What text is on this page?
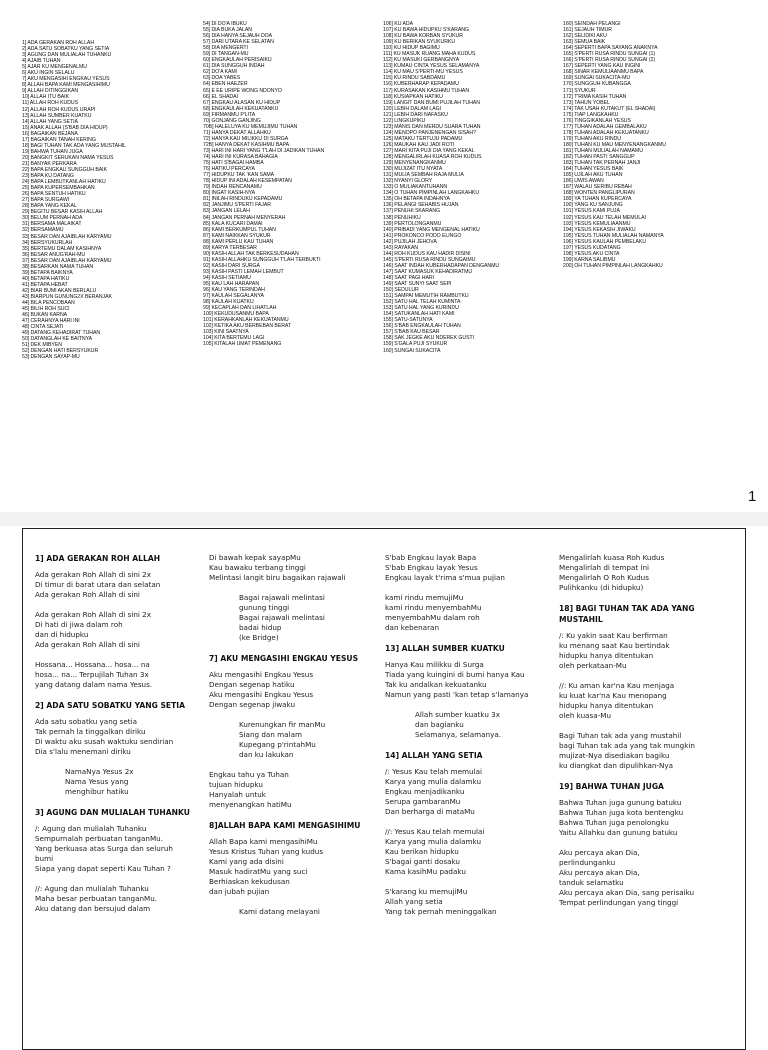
1] ADA GERAKAN ROH ALLAH
2] ADA SATU SOBATKU YANG SETIA
3] AGUNG DAN MULIALAH TUHANKU
4] AJAIB TUHAN
5] AJAR KU MENGENALMU
6] AKU INGIN SELALU
7] AKU MENGASIHI ENGKAU YESUS
8] ALLAH BAPA KAMI MENGASIHIMU
9] ALLAH DITINGGIKAN
10] ALLAH ITU BAIK
11] ALLAH ROH KUDUS
12] ALLAH ROH KUDUS URAPI
13] ALLAH SUMBER KUATKU
14] ALLAH YANG SETIA
15] ANAK ALLAH (S'BAB DIA HIDUP)
16] BAGAIKAN BEJANA
17] BAGAIKAN TANAH KERING
18] BAGI TUHAN TAK ADA YANG MUSTAHIL
19] BAHWA TUHAN JUGA
20] BANGKIT SERUKAN NAMA YESUS
21] BANYAK PERKARA
22] BAPA ENGKAU SUNGGUH BAIK
23] BAPA KU DATANG
24] BAPA LEMBUTKANLAH HATIKU
25] BAPA KUPERSEMBAHKAN
26] BAPA SENTUH HATIKU
27] BAPA SURGAWI
28] BAPA YANG KEKAL
29] BEGITU BESAR KASIH ALLAH
30] BELUM PERNAH ADA
31] BERSAMA MALAIKAT
32] BERSAMAMU
33] BESAR DAN AJAIBLAH KARYAMU
34] BERSYUKURLAH
35] BERTEMU DALAM KASIHNYA
36] BESAR ANUG'RAH-MU
37] BESAR DAN AJAIBLAH KARYAMU
38] BESARKAN NAMA TUHAN
39] BETAPA BAIKNYA
40] BETAPA HATIKU
41] BETAPA HEBAT
42] BIAR BUMI AKAN BERLALU
43] BIARPUN GUNUNG2X BERANJAK
44] BILA PENCOBAAN
45] BILIH ROH SUCI
46] BUKAN KARNA
47] CERAHNYA HARI INI
48] CINTA SEJATI
49] DATANG KEHADIRAT TUHAN
50] DATANGLAH KE BAITNYA
51] DEK MIBYEN
52] DENGAN HATI BERSYUKUR
53] DENGAN SAYAP-MU
54] DI DO'A IBUKU
55] DIA BUKA JALAN
56] DIA HANYA SEJAUH DOA
57] DARI UTARA KE SELATAN
58] DIA MENGERTI
59] DI TANGAN-MU
60] ENGKAULAH PERISAIKU
61] DIA SUNGGUH INDAH
62] DO'A KAMI
63] DOA YABES
64] EBEN HAEZER
65] E EE URIPE WONG NDONYO
66] EL SHADAI
67] ENGKAU ALASAN KU HIDUP
68] ENGKAULAH KEKUATANKU
69] FIRMANMU P'LITA
70] GONJANG GANJING
70B] HALELUYA KU MEMUJIMU TUHAN
71] HANYA DEKAT ALLAHKU
72] HANYA KAU MILIKKU DI SURGA
72B] HANYA DEKAT KASIHMU BAPA
73] HARI INI HARI YANG T'LAH DI JADIKAN TUHAN
74] HARI INI KURASA BAHAGIA
75] HATI S'BAGAI HAMBA
76] HATIKU PERCAYA
77] HIDUPKU TAK 'KAN SAMA
78] HIDUP INI ADALAH KESEMPATAN
79] INDAH RENCANAMU
80] INGAT KASIH-NYA
81] INILAH RINDUKU KEPADAMU
82] JANJIMU S'PERTI FAJAR
83] JANGAN LELAH
84] JANGAN PERNAH MENYERAH
85] KALA KUCARI DAMAI
86] KAMI BERKUMPUL TUHAN
87] KAMI NAIKKAN SYUKUR
88] KAMI PERLU KAU TUHAN
89] KARYA TERBESAR
90] KASIH ALLAH TAK BERKESUDAHAN
91] KASIH ALLAHKU SUNGGUH T'LAH TERBUKTI
92] KASIH DARI SURGA
93] KASIH PASTI LEMAH LEMBUT
94] KASIH SETIAMU
95] KAU LAH HARAPAN
96] KAU YANG TERINDAH
97] KAULAH SEGALANYA
98] KAULAH KUATKU
99] KECAPLAH DAN LIHATLAH
100] KEKUDUSANMU BAPA
101] KERAHKANLAH KEKUATANMU
102] KETIKA AKU BERBEBAN BERAT
103] KINI SAATNYA
104] KITA BERTEMU LAGI
105] KITALAH UMAT PEMENANG
106] KU ADA
107] KU BAWA HIDUPKU S'KARANG
108] KU BAWA KORBAN SYUKUR
109] KU BERIKAN SYUKURKU
110] KU HIDUP BAGIMU
111] KU MASUK RUANG MAHA KUDUS
112] KU MASUKI GERBANGNYA
113] KUMAU CINTA YESUS SELAMANYA
114] KU MAU S'PERTI-MU YESUS
115] KU RINDU SABDAMU
116] KUBERHARAP KEPADAMU
117] KURASAKAN KASIHMU TUHAN
118] KUSIAPKAN HATIKU
119] LANGIT DAN BUMI PUJILAH TUHAN
120] LEBIH DALAM LAGI
121] LEBIH DARI NAFASKU
122] LINGKUPIKU
123] MANIS DAN MERDU SUARA TUHAN
124] MENOPO PANJENENGAN SISAH?
125] MATAKU TERTUJU PADAMU
126] MAUKAH KAU JADI ROTI
127] MARI KITA PUJI DIA YANG KEKAL
128] MENGALIRLAH KUASA ROH KUDUS
129] MENYENANGKANMU
130] MUJIZAT ITU NYATA
131] MULIA SEMBAH RAJA MULIA
132] NYANYI GLORY
133] O MULIAKANTUHANN
134] O TUHAN PIMPINLAH LANGKAHKU
135] OH BETAPA INDAHNYA
136] PELANGI SEHABIS HUJAN
137] PENUHI SKARANG
138] PENUHIKU
139] PERTOLONGANMU
140] PRIBADI YANG MENGENAL HATIKU
141] PROKONCO PODO ELINGO
142] PUJILAH JEHOVA
143] RAYAKAN
144] ROH KUDUS KAU HADIR DISINI
145] S'PERTI RUSA RINDU SUNGAIMU
146] SAAT INDAH KUBERHADAPAN DENGANMU
147] SAAT KUMASUK KEHADIRATMU
148] SAAT PAGI HARI
149] SAAT SUNYI SAAT SEPI
150] SEDULUR
151] SAMPAI MEMUTIH RAMBUTKU
152] SATU HAL TELAH KUMINTA
153] SATU HAL YANG KURINDU
154] SATUKANLAH HATI KAMI
155] SATU-SATUNYA
156] S'BAB ENGKAULAH TUHAN
157] S'BAB KAU BESAR
158] SAK JEGKE AKU NDEREK GUSTI
159] S'GALA PUJI SYUKUR
160] SUNGAI SUKACITA
160] SEINDAH PELANGI
161] SEJAUH TIMUR
162] SELIDIKI AKU
163] SEMUA BAIK
164] SEPERTI BAPA SAYANG ANAKNYA
165] S'PERTI RUSA RINDU SUNGAI (1)
166] S'PERTI RUSA RINDU SUNGAI (2)
167] SEPERTI YANG KAU INGINI
168] SINAR KEMULIAANMU BAPA
169] SUNGAI SUKACITA-MU
170] SUNGGUH KUBANGGA
171] SYUKUR
172] T'RIMA KASIH TUHAN
173] TAHUN YOBEL
174] TAK USAH KUTAKUT (EL SHADAI)
175] TIAP LANGKAHKU
176] TINGGIKANLAH YESUS
177] TUHAN ADALAH GEMBALAKU
178] TUHAN ADALAH KEKUATANKU
179] TUHAN AKU RINDU
180] TUHAN KU MAU MENYENANGKANMU
181] TUHAN MULIALAH NAMAMU
182] TUHAN PASTI SANGGUP
183] TUHAN TAK PERNAH JANJI
184] TUHAN YESUS BAIK
185] UJILAH AKU TUHAN
186] UWIS AWAN
187] WALAU SERIBU REBAH
188] WONTEN PANGLIPURAN
189] YA TUHAN KUPERCAYA
190] YANG KU SANJUNG
191] YESUS KAMI PUJA
192] YESUS KAU TELAH MEMULAI
193] YESUS KEMULIAANMU
194] YESUS KEKASIH JIWAKU
195] YESUS TUHAN MULIALAH NAMANYA
196] YESUS KAULAH PEMBELAKU
197] YESUS KUDATANG
198] YESUS AKU CINTA
199] KARNA SALIBMU
200] OH TUHAN PIMPINLAH LANGKAHKU
1
1] ADA GERAKAN ROH ALLAH
Ada gerakan Roh Allah di sini 2x
Di timur di barat utara dan selatan
Ada gerakan Roh Allah di sini
Ada gerakan Roh Allah di sini 2x
Di hati di jiwa dalam roh
dan di hidupku
Ada gerakan Roh Allah di sini
Hossana... Hossana... hosa... na
hosa... na... Terpujilah Tuhan 3x
yang datang dalam nama Yesus.
2] ADA SATU SOBATKU YANG SETIA
Ada satu sobatku yang setia
Tak pernah la tinggalkan diriku
Di waktu aku susah waktuku sendirian
Dia s'lalu menemani diriku
NamaNya Yesus 2x
Nama Yesus yang
menghibur hatiku
3] AGUNG DAN MULIALAH TUHANKU
/: Agung dan mulialah Tuhanku
Sempurnalah perbuatan tanganMu.
Yang berkuasa atas Surga dan seluruh
bumi
Siapa yang dapat seperti Kau Tuhan ?
//: Agung dan mulialah Tuhanku
Maha besar perbuatan tanganMu.
Aku datang dan bersujud dalam
Di bawah kepak sayapMu
Kau bawaku terbang tinggi
Melintasi langit biru bagaikan rajawali
Bagai rajawali melintasi
gunung tinggi
Bagai rajawali melintasi
badai hidup
(ke Bridge)
7] AKU MENGASIHI ENGKAU YESUS
Aku mengasihi Engkau Yesus
Dengan segenap hatiku
Aku mengasihi Engkau Yesus
Dengan segenap jiwaku
Kurenungkan fir manMu
Siang dan malam
Kupegang p'rintahMu
dan ku lakukan
Engkau tahu ya Tuhan
tujuan hidupku
Hanyalah untuk
menyenangkan hatiMu
8]ALLAH BAPA KAMI MENGASIHIMU
Allah Bapa kami mengasihiMu
Yesus Kristus Tuhan yang kudus
Kami yang ada disini
Masuk hadiratMu yang suci
Berhiaskan kekudusan
dan jubah pujian
Kami datang melayani
S'bab Engkau layak Bapa
S'bab Engkau layak Yesus
Engkau layak t'rima s'mua pujian
kami rindu memujiMu
kami rindu menyembahMu
menyembahMu dalam roh
dan kebenaran
13] ALLAH SUMBER KUATKU
Hanya Kau milikku di Surga
Tiada yang kuingini di bumi hanya Kau
Tak ku andalkan kekuatanku
Namun yang pasti 'kan tetap s'lamanya
Allah sumber kuatku 3x
dan bagianku
Selamanya, selamanya.
14] ALLAH YANG SETIA
/: Yesus Kau telah memulai
Karya yang mulia dalamku
Engkau menjadikanku
Serupa gambaranMu
Dan berharga di mataMu
//: Yesus Kau telah memulai
Karya yang mulia dalamku
Kau berikan hidupku
S'bagai ganti dosaku
Kama kasihMu padaku
S'karang ku memujiMu
Allah yang setia
Yang tak pernah meninggalkan
Mengalirlah kuasa Roh Kudus
Mengalirlah di tempat ini
Mengalirlah O Roh Kudus
Pulihkanku (di hidupku)
18] BAGI TUHAN TAK ADA YANG MUSTAHIL
/: Ku yakin saat Kau berfirman
ku menang saat Kau bertindak
hidupku hanya ditentukan
oleh perkataan-Mu
//: Ku aman kar'na Kau menjaga
ku kuat kar'na Kau menopang
hidupku hanya ditentukan
oleh kuasa-Mu
Bagi Tuhan tak ada yang mustahil
bagi Tuhan tak ada yang tak mungkin
mujizat-Nya disediakan bagiku
ku diangkat dan dipulihkan-Nya
19] BAHWA TUHAN JUGA
Bahwa Tuhan juga gunung batuku
Bahwa Tuhan juga kota bentengku
Bahwa Tuhan juga penolongku
Yaitu Allahku dan gunung batuku
Aku percaya akan Dia,
perlindunganku
Aku percaya akan Dia,
tanduk selamatku
Aku percaya akan Dia, sang perisaiku
Tempat perlindungan yang tinggi
